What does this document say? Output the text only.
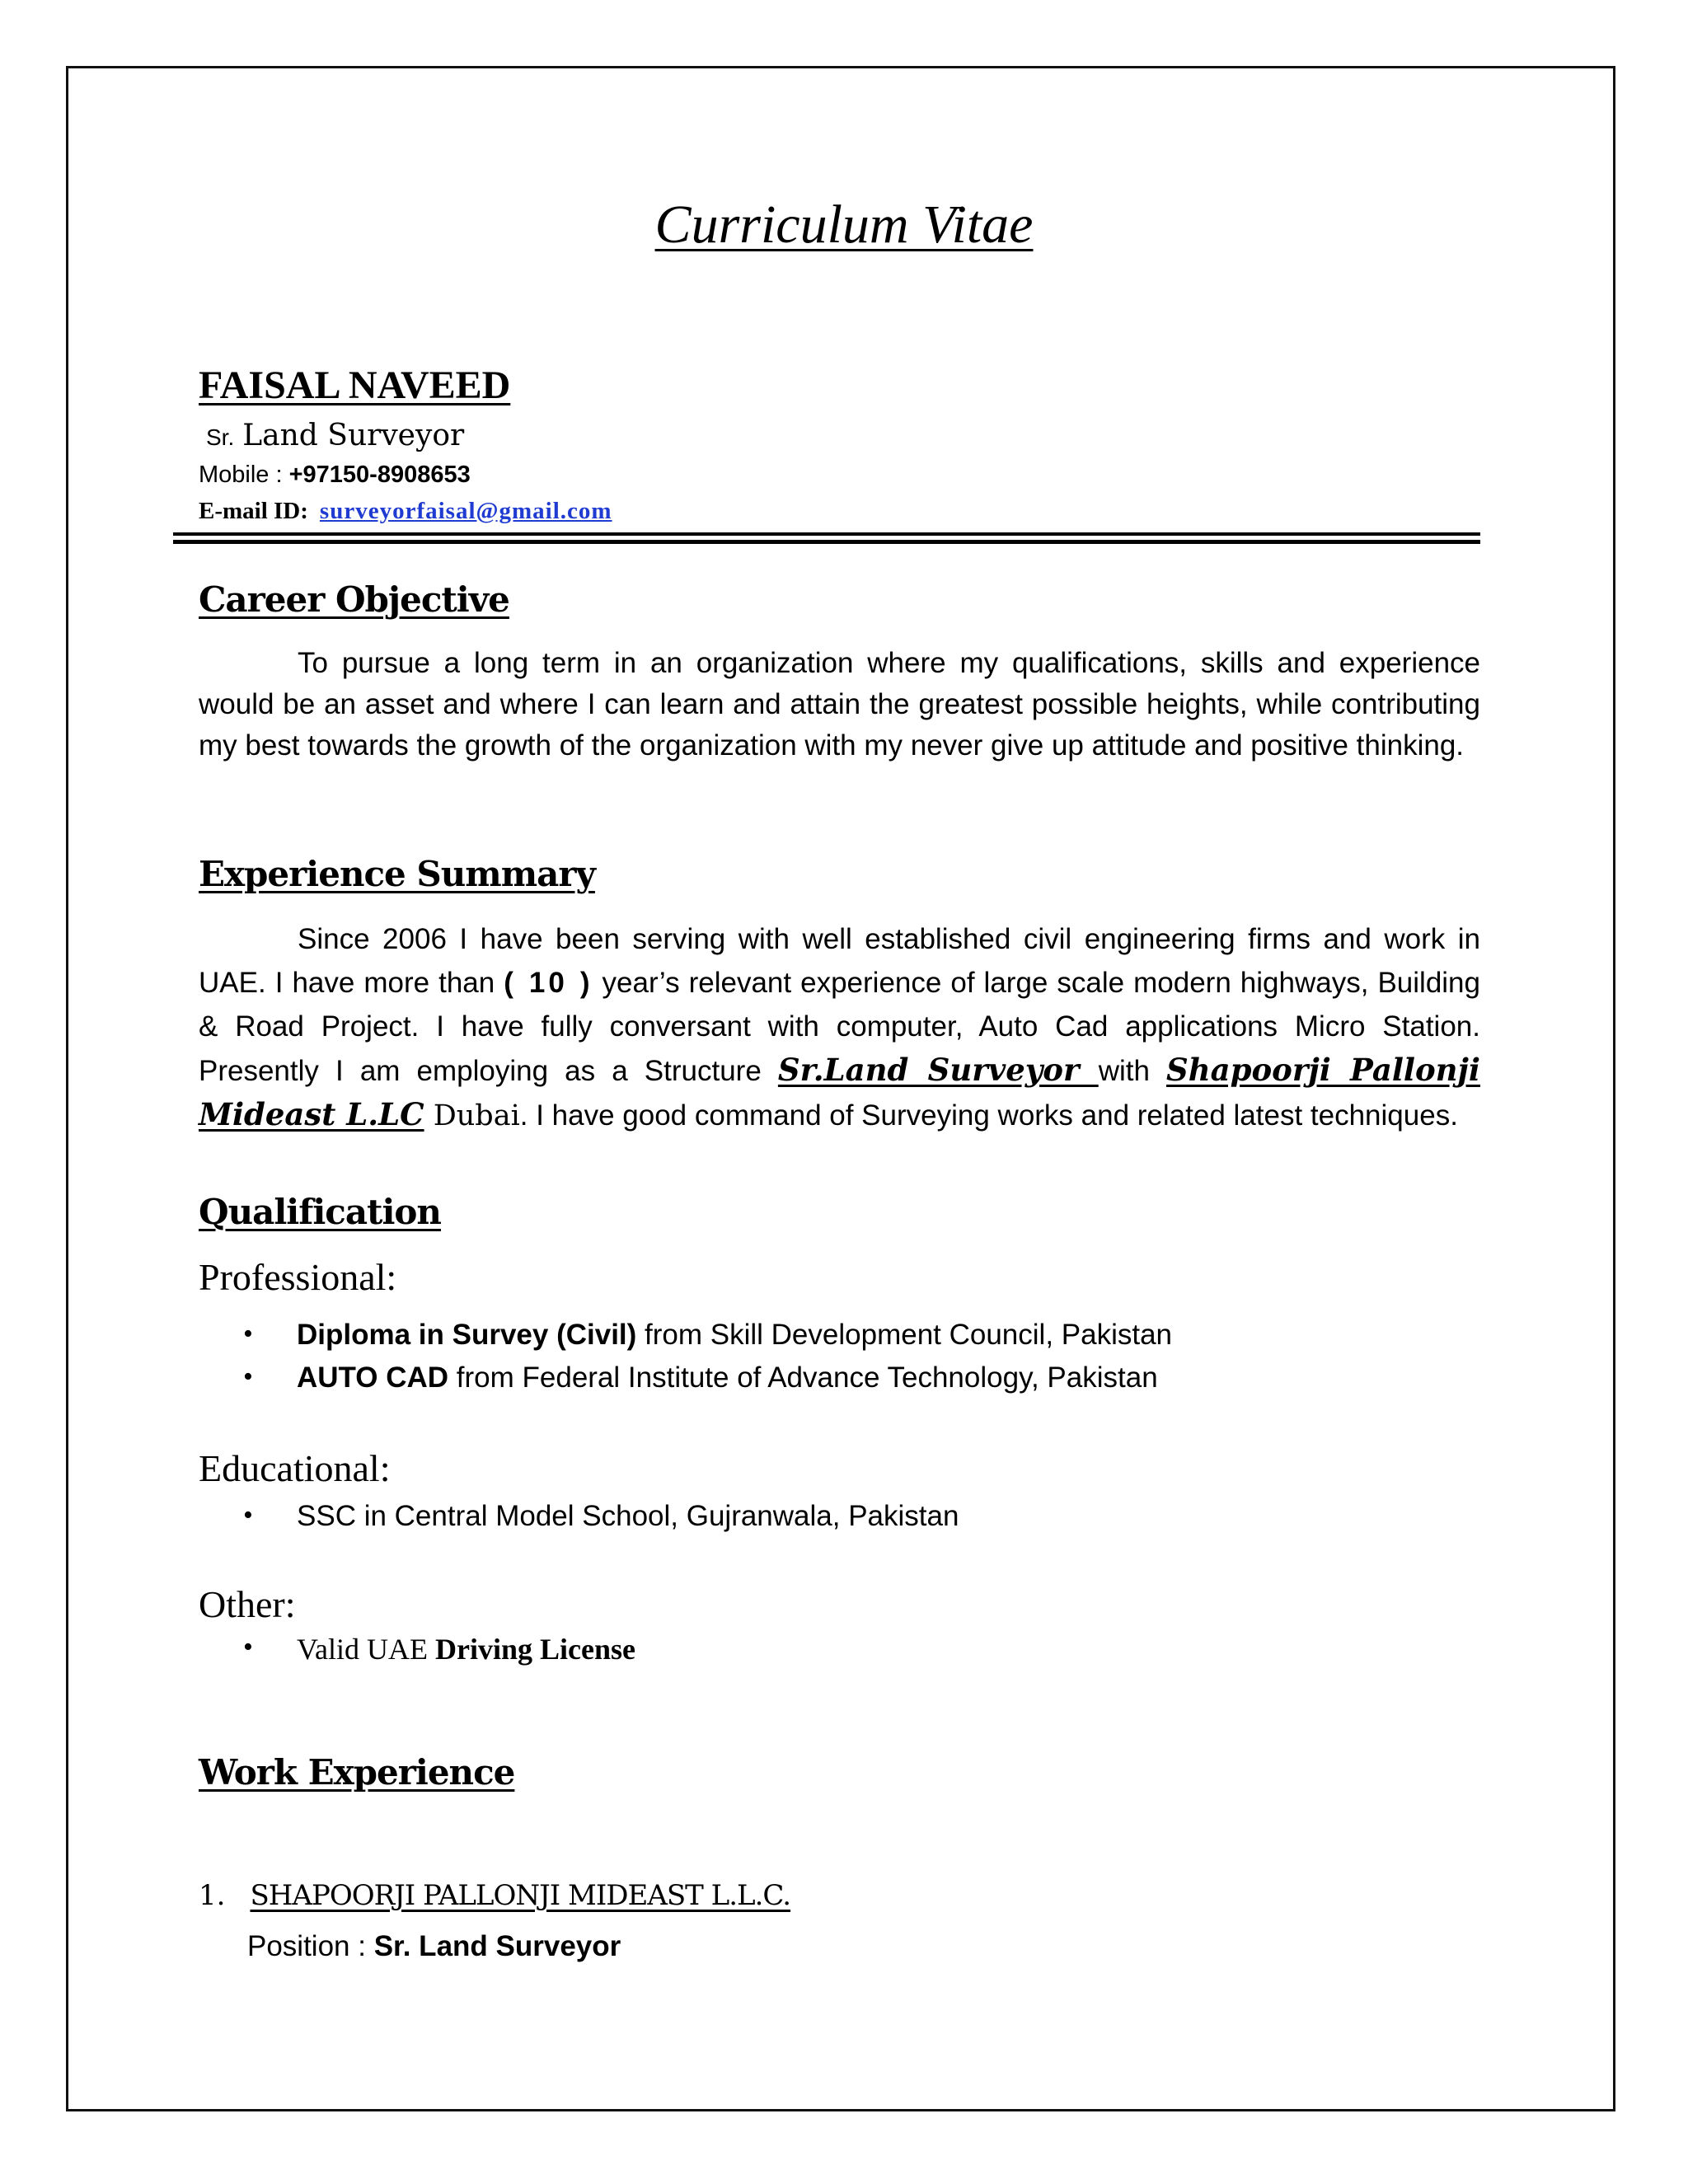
Curriculum Vitae
FAISAL NAVEED
Sr. Land Surveyor
Mobile : +97150-8908653
E-mail ID: surveyorfaisal@gmail.com
Career Objective
To pursue a long term in an organization where my qualifications, skills and experience would be an asset and where I can learn and attain the greatest possible heights, while contributing my best towards the growth of the organization with my never give up attitude and positive thinking.
Experience Summary
Since 2006 I have been serving with well established civil engineering firms and work in UAE. I have more than ( 10 ) year’s relevant experience of large scale modern highways, Building & Road Project. I have fully conversant with computer, Auto Cad applications Micro Station. Presently I am employing as a Structure Sr.Land Surveyor with Shapoorji Pallonji Mideast L.LC Dubai. I have good command of Surveying works and related latest techniques.
Qualification
Professional:
• Diploma in Survey (Civil) from Skill Development Council, Pakistan
• AUTO CAD from Federal Institute of Advance Technology, Pakistan
Educational:
• SSC in Central Model School, Gujranwala, Pakistan
Other:
• Valid UAE Driving License
Work Experience
1. SHAPOORJI PALLONJI MIDEAST L.L.C.
Position : Sr. Land Surveyor
